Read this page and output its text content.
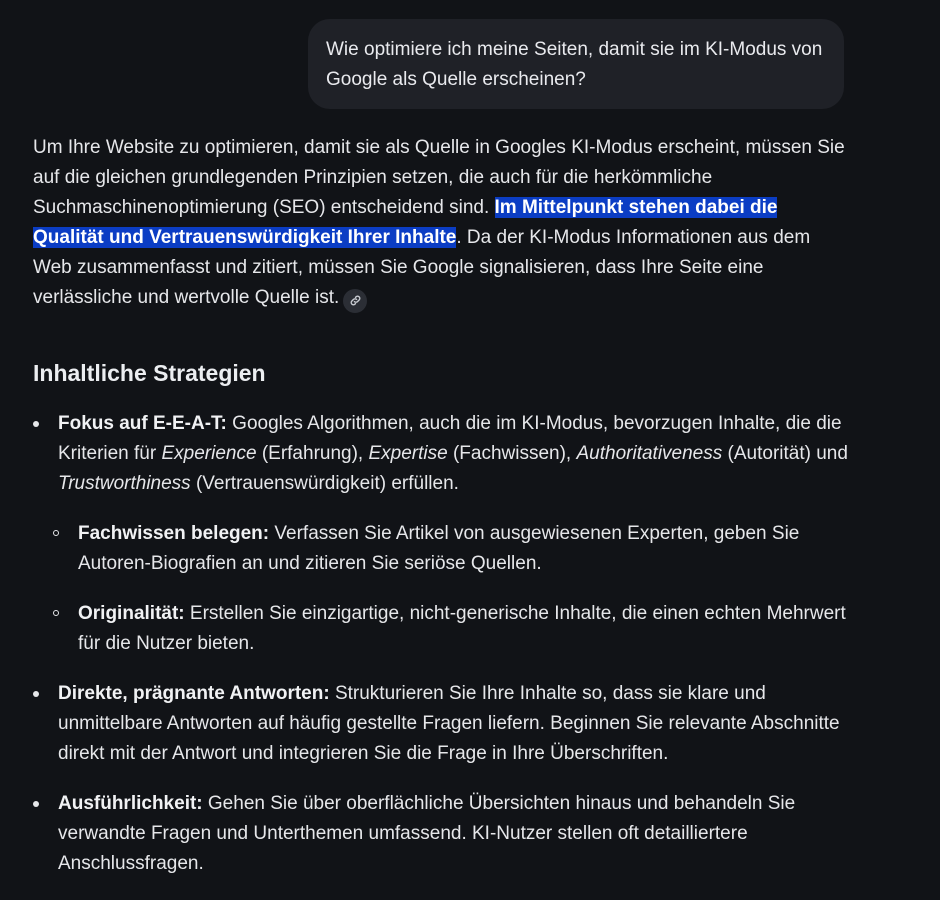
Wie optimiere ich meine Seiten, damit sie im KI-Modus von Google als Quelle erscheinen?

Um Ihre Website zu optimieren, damit sie als Quelle in Googles KI-Modus erscheint, müssen Sie auf die gleichen grundlegenden Prinzipien setzen, die auch für die herkömmliche Suchmaschinenoptimierung (SEO) entscheidend sind. Im Mittelpunkt stehen dabei die Qualität und Vertrauenswürdigkeit Ihrer Inhalte. Da der KI-Modus Informationen aus dem Web zusammenfasst und zitiert, müssen Sie Google signalisieren, dass Ihre Seite eine verlässliche und wertvolle Quelle ist.

Inhaltliche Strategien
Fokus auf E-E-A-T: Googles Algorithmen, auch die im KI-Modus, bevorzugen Inhalte, die die Kriterien für Experience (Erfahrung), Expertise (Fachwissen), Authoritativeness (Autorität) und Trustworthiness (Vertrauenswürdigkeit) erfüllen.
Fachwissen belegen: Verfassen Sie Artikel von ausgewiesenen Experten, geben Sie Autoren-Biografien an und zitieren Sie seriöse Quellen.
Originalität: Erstellen Sie einzigartige, nicht-generische Inhalte, die einen echten Mehrwert für die Nutzer bieten.
Direkte, prägnante Antworten: Strukturieren Sie Ihre Inhalte so, dass sie klare und unmittelbare Antworten auf häufig gestellte Fragen liefern. Beginnen Sie relevante Abschnitte direkt mit der Antwort und integrieren Sie die Frage in Ihre Überschriften.
Ausführlichkeit: Gehen Sie über oberflächliche Übersichten hinaus und behandeln Sie verwandte Fragen und Unterthemen umfassend. KI-Nutzer stellen oft detailliertere Anschlussfragen.
